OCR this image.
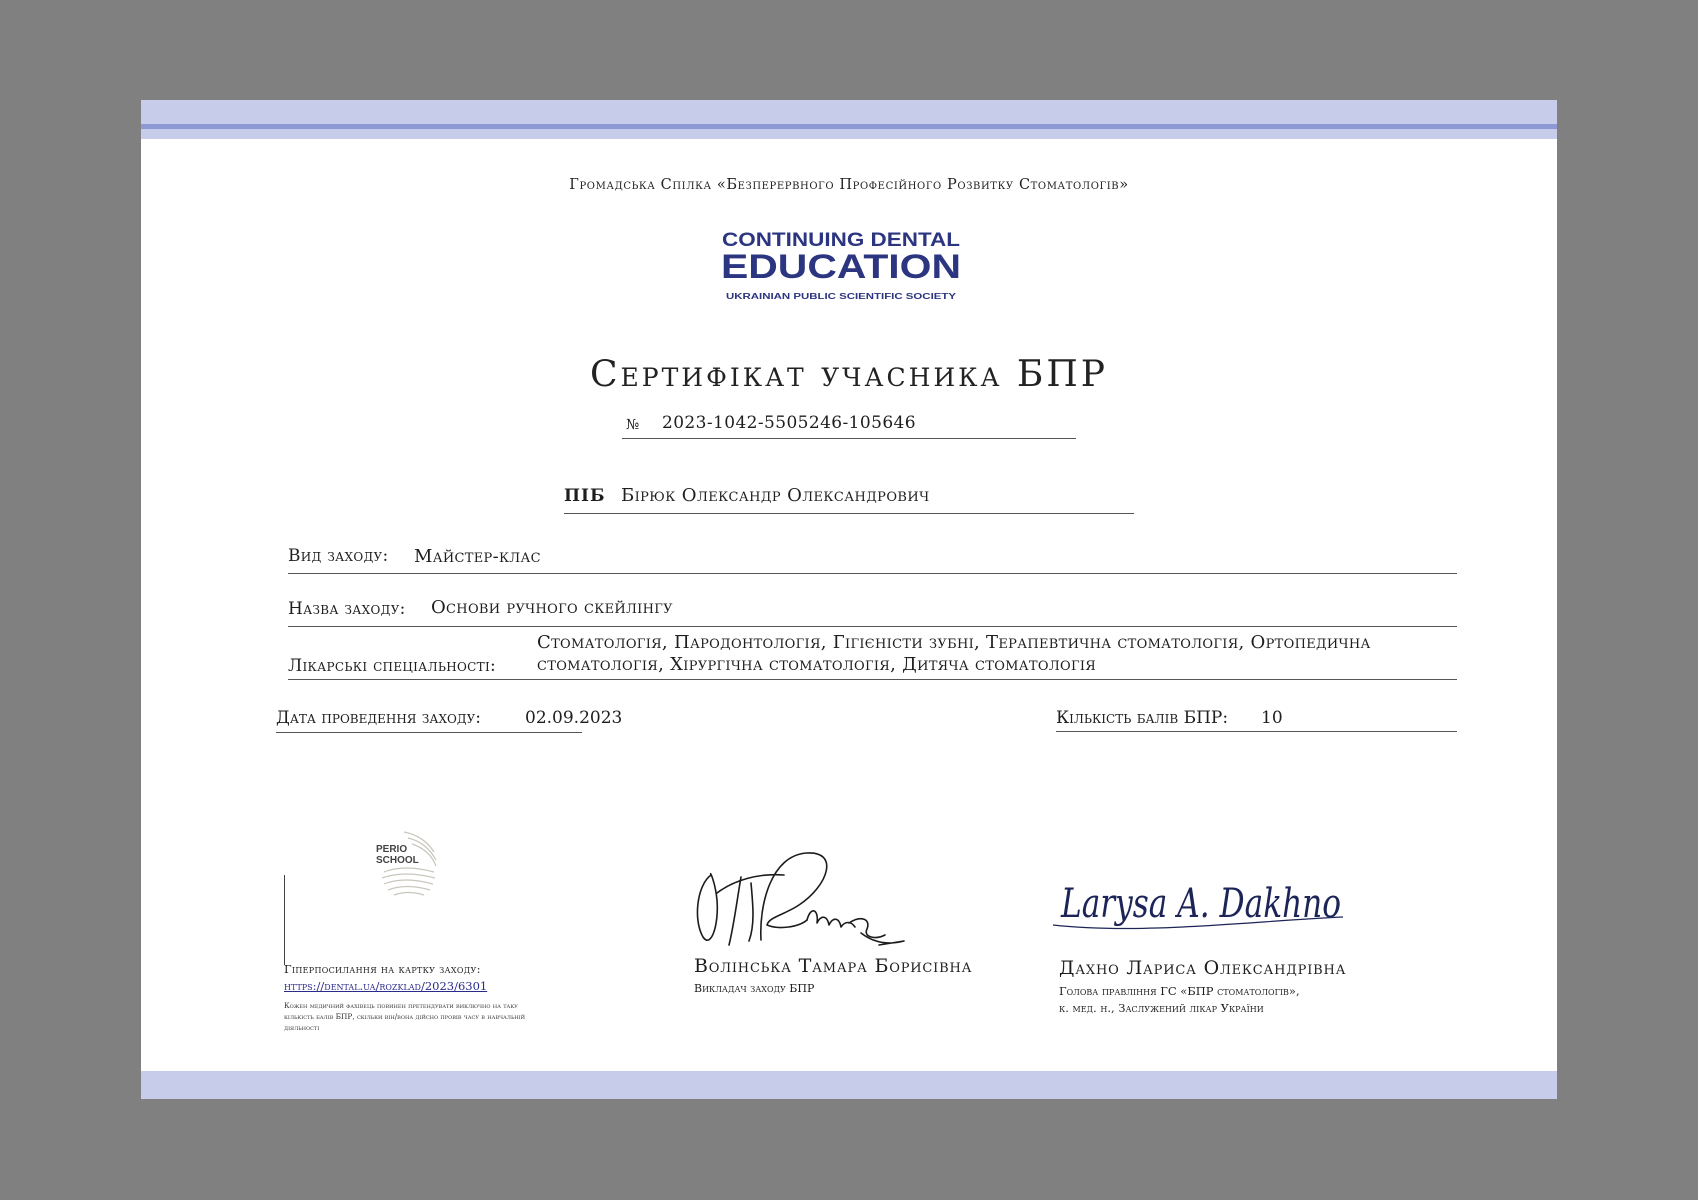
Громадська Спілка «Безперервного Професійного Розвитку Стоматологів»
CONTINUING DENTAL
EDUCATION
UKRAINIAN PUBLIC SCIENTIFIC SOCIETY
Сертифікат учасника БПР
№ 2023-1042-5505246-105646
ПІБ Бірюк Олександр Олександрович
Вид заходу: Майстер-клас
Назва заходу: Основи ручного скейлінгу
Лікарські спеціальності:
Стоматологія, Пародонтологія, Гігієністи зубні, Терапевтична стоматологія, Ортопедична стоматологія, Хірургічна стоматологія, Дитяча стоматологія
Дата проведення заходу:	02.09.2023	Кількість балів БПР: 10
PERIO
SCHOOL
Гіперпосилання на картку заходу:
https://dental.ua/rozklad/2023/6301
Кожен медичний фахівець повинен претендувати виключно на таку кількість балів БПР, скільки він/вона дійсно провів часу в навчальній діяльності
Волінська Тамара Борисівна
Викладач заходу БПР
Larysa A. Dakhno
Дахно Лариса Олександрівна
Голова правління ГС «БПР стоматологів»,
к. мед. н., Заслужений лікар України
